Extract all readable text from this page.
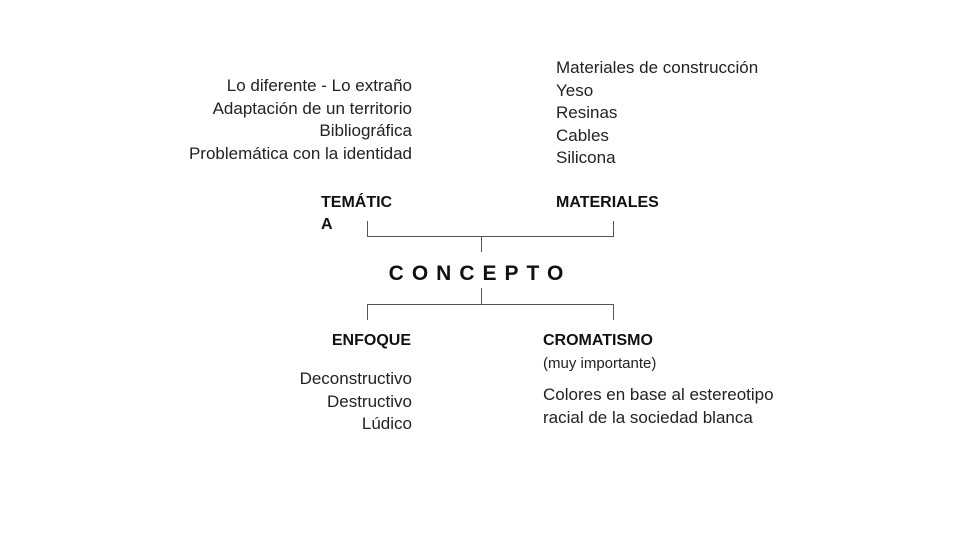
Lo diferente - Lo extraño
Adaptación de un territorio
Bibliográfica
Problemática con la identidad
Materiales de construcción
Yeso
Resinas
Cables
Silicona
TEMÁTIC
A
MATERIALES
CONCEPTO
ENFOQUE
Deconstructivo
Destructivo
Lúdico
CROMATISMO
(muy importante)
Colores en base al estereotipo
racial de la sociedad blanca
